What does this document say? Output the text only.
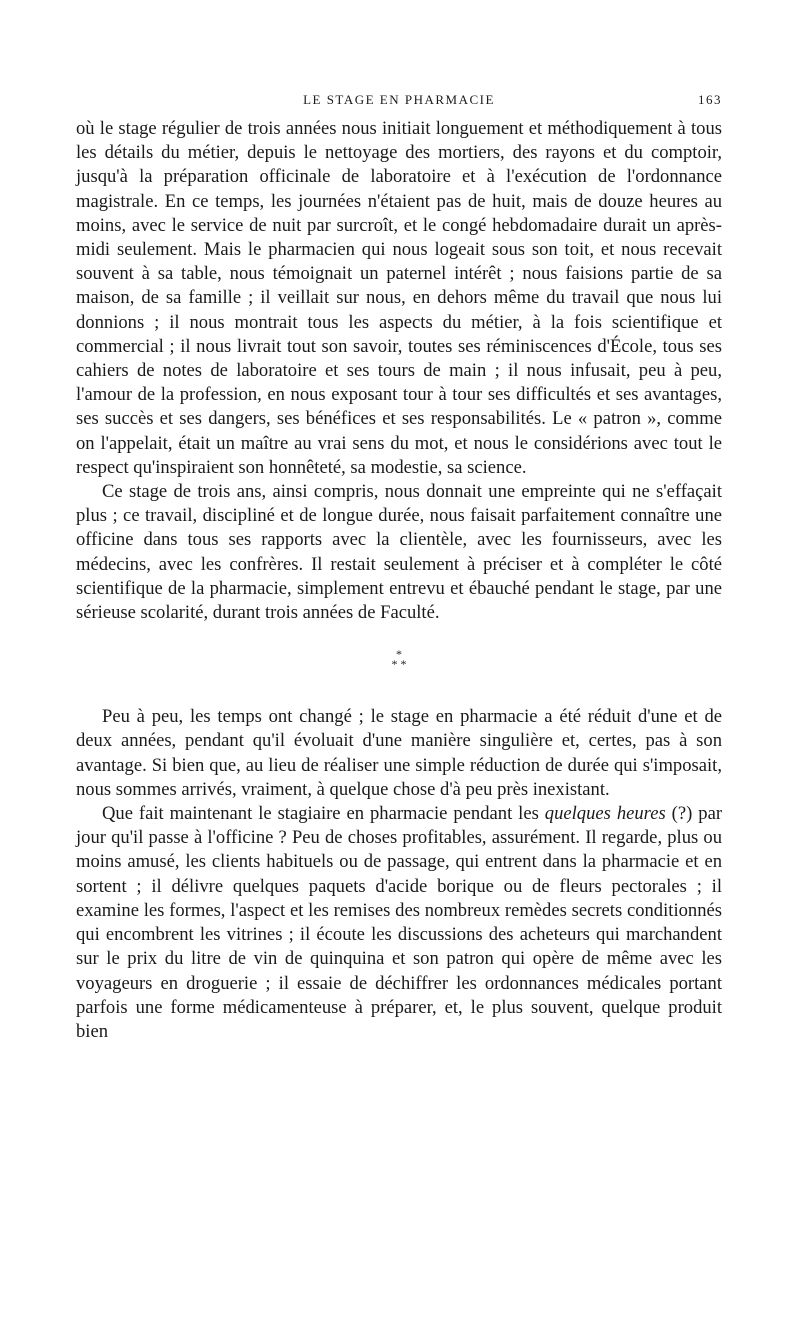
LE STAGE EN PHARMACIE	163

où le stage régulier de trois années nous initiait longuement et méthodiquement à tous les détails du métier, depuis le nettoyage des mortiers, des rayons et du comptoir, jusqu'à la préparation officinale de laboratoire et à l'exécution de l'ordonnance magistrale. En ce temps, les journées n'étaient pas de huit, mais de douze heures au moins, avec le service de nuit par surcroît, et le congé hebdomadaire durait un après-midi seulement. Mais le pharmacien qui nous logeait sous son toit, et nous recevait souvent à sa table, nous témoignait un paternel intérêt ; nous faisions partie de sa maison, de sa famille ; il veillait sur nous, en dehors même du travail que nous lui donnions ; il nous montrait tous les aspects du métier, à la fois scientifique et commercial ; il nous livrait tout son savoir, toutes ses réminiscences d'École, tous ses cahiers de notes de laboratoire et ses tours de main ; il nous infusait, peu à peu, l'amour de la profession, en nous exposant tour à tour ses difficultés et ses avantages, ses succès et ses dangers, ses bénéfices et ses responsabilités. Le « patron », comme on l'appelait, était un maître au vrai sens du mot, et nous le considérions avec tout le respect qu'inspiraient son honnêteté, sa modestie, sa science.

Ce stage de trois ans, ainsi compris, nous donnait une empreinte qui ne s'effaçait plus ; ce travail, discipliné et de longue durée, nous faisait parfaitement connaître une officine dans tous ses rapports avec la clientèle, avec les fournisseurs, avec les médecins, avec les confrères. Il restait seulement à préciser et à compléter le côté scientifique de la pharmacie, simplement entrevu et ébauché pendant le stage, par une sérieuse scolarité, durant trois années de Faculté.

*
* *

Peu à peu, les temps ont changé ; le stage en pharmacie a été réduit d'une et de deux années, pendant qu'il évoluait d'une manière singulière et, certes, pas à son avantage. Si bien que, au lieu de réaliser une simple réduction de durée qui s'imposait, nous sommes arrivés, vraiment, à quelque chose d'à peu près inexistant.

Que fait maintenant le stagiaire en pharmacie pendant les quelques heures (?) par jour qu'il passe à l'officine ? Peu de choses profitables, assurément. Il regarde, plus ou moins amusé, les clients habituels ou de passage, qui entrent dans la pharmacie et en sortent ; il délivre quelques paquets d'acide borique ou de fleurs pectorales ; il examine les formes, l'aspect et les remises des nombreux remèdes secrets conditionnés qui encombrent les vitrines ; il écoute les discussions des acheteurs qui marchandent sur le prix du litre de vin de quinquina et son patron qui opère de même avec les voyageurs en droguerie ; il essaie de déchiffrer les ordonnances médicales portant parfois une forme médicamenteuse à préparer, et, le plus souvent, quelque produit bien
